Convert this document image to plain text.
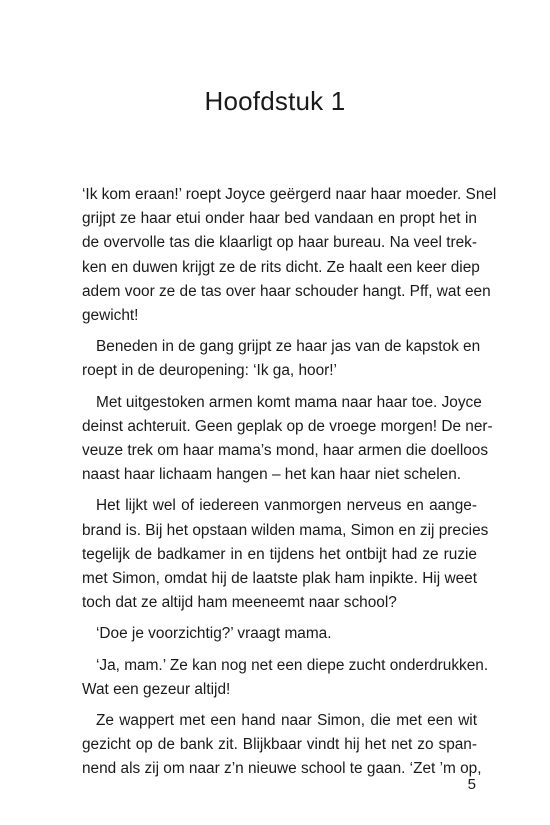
Hoofdstuk 1

‘Ik kom eraan!’ roept Joyce geërgerd naar haar moeder. Snel
grijpt ze haar etui onder haar bed vandaan en propt het in
de overvolle tas die klaarligt op haar bureau. Na veel trek-
ken en duwen krijgt ze de rits dicht. Ze haalt een keer diep
adem voor ze de tas over haar schouder hangt. Pff, wat een
gewicht!

Beneden in de gang grijpt ze haar jas van de kapstok en
roept in de deuropening: ‘Ik ga, hoor!’

Met uitgestoken armen komt mama naar haar toe. Joyce
deinst achteruit. Geen geplak op de vroege morgen! De ner-
veuze trek om haar mama’s mond, haar armen die doelloos
naast haar lichaam hangen – het kan haar niet schelen.

Het lijkt wel of iedereen vanmorgen nerveus en aange-
brand is. Bij het opstaan wilden mama, Simon en zij precies
tegelijk de badkamer in en tijdens het ontbijt had ze ruzie
met Simon, omdat hij de laatste plak ham inpikte. Hij weet
toch dat ze altijd ham meeneemt naar school?

‘Doe je voorzichtig?’ vraagt mama.

‘Ja, mam.’ Ze kan nog net een diepe zucht onderdrukken.
Wat een gezeur altijd!

Ze wappert met een hand naar Simon, die met een wit
gezicht op de bank zit. Blijkbaar vindt hij het net zo span-
nend als zij om naar z’n nieuwe school te gaan. ‘Zet ’m op,

5
